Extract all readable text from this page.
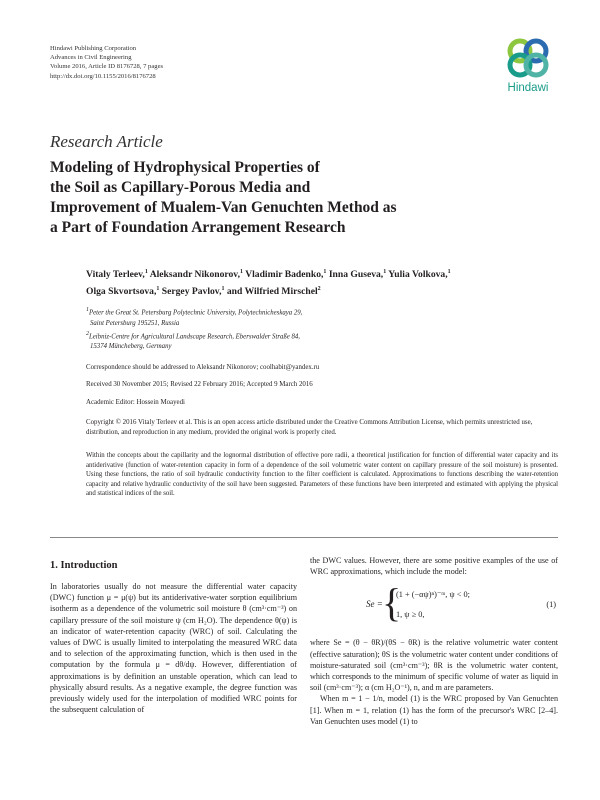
Hindawi Publishing Corporation
Advances in Civil Engineering
Volume 2016, Article ID 8176728, 7 pages
http://dx.doi.org/10.1155/2016/8176728
Hindawi
Research Article
Modeling of Hydrophysical Properties of
the Soil as Capillary-Porous Media and
Improvement of Mualem-Van Genuchten Method as
a Part of Foundation Arrangement Research
Vitaly Terleev,$^1$ Aleksandr Nikonorov,$^1$ Vladimir Badenko,$^1$ Inna Guseva,$^1$ Yulia Volkova,$^1$
Olga Skvortsova,$^1$ Sergey Pavlov,$^1$ and Wilfried Mirschel$^2$
$^1$Peter the Great St. Petersburg Polytechnic University, Polytechnicheskaya 29,
Saint Petersburg 195251, Russia
$^2$Leibniz-Centre for Agricultural Landscape Research, Eberswalder Straße 84,
15374 Müncheberg, Germany
Correspondence should be addressed to Aleksandr Nikonorov; coolhabit@yandex.ru
Received 30 November 2015; Revised 22 February 2016; Accepted 9 March 2016
Academic Editor: Hossein Moayedi
Copyright © 2016 Vitaly Terleev et al. This is an open access article distributed under the Creative Commons Attribution License, which permits unrestricted use, distribution, and reproduction in any medium, provided the original work is properly cited.
Within the concepts about the capillarity and the lognormal distribution of effective pore radii, a theoretical justification for function of differential water capacity and its antiderivative (function of water-retention capacity in form of a dependence of the soil volumetric water content on capillary pressure of the soil moisture) is presented. Using these functions, the ratio of soil hydraulic conductivity function to the filter coefficient is calculated. Approximations to functions describing the water-retention capacity and relative hydraulic conductivity of the soil have been suggested. Parameters of these functions have been interpreted and estimated with applying the physical and statistical indices of the soil.
1. Introduction

In laboratories usually do not measure the differential water capacity (DWC) function μ = μ(ψ) but its antiderivative-water sorption equilibrium isotherm as a dependence of the volumetric soil moisture θ (cm³·cm⁻³) on capillary pressure of the soil moisture ψ (cm H₂O). The dependence θ(ψ) is an indicator of water-retention capacity (WRC) of soil. Calculating the values of DWC is usually limited to interpolating the measured WRC data and to selection of the approximating function, which is then used in the computation by the formula μ = dθ/dψ. However, differentiation of approximations is by definition an unstable operation, which can lead to physically absurd results. As a negative example, the degree function was previously widely used for the interpolation of modified WRC points for the subsequent calculation of

the DWC values. However, there are some positive examples of the use of WRC approximations, which include the model:

Se = {
(1 + (−αψ)ⁿ)⁻ᵐ, ψ < 0;
1, ψ ≥ 0,
(1)

where Se = (θ − θR)/(θS − θR) is the relative volumetric water content (effective saturation); θS is the volumetric water content under conditions of moisture-saturated soil (cm³·cm⁻³); θR is the volumetric water content, which corresponds to the minimum of specific volume of water as liquid in soil (cm³·cm⁻³); α (cm H₂O⁻¹), n, and m are parameters.

When m = 1 − 1/n, model (1) is the WRC proposed by Van Genuchten [1]. When m = 1, relation (1) has the form of the precursor's WRC [2–4]. Van Genuchten uses model (1) to
